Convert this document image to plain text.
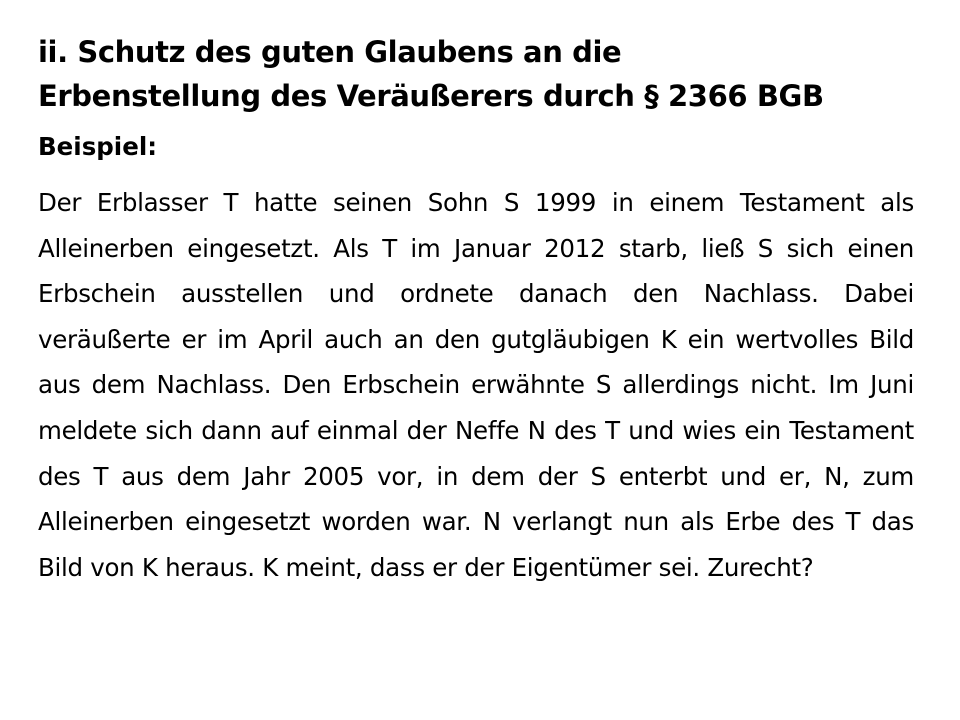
ii. Schutz des guten Glaubens an die
Erbenstellung des Veräußerers durch § 2366 BGB

Beispiel:

Der Erblasser T hatte seinen Sohn S 1999 in einem Testament als Alleinerben eingesetzt. Als T im Januar 2012 starb, ließ S sich einen Erbschein ausstellen und ordnete danach den Nachlass. Dabei veräußerte er im April auch an den gutgläubigen K ein wertvolles Bild aus dem Nachlass. Den Erbschein erwähnte S allerdings nicht. Im Juni meldete sich dann auf einmal der Neffe N des T und wies ein Testament des T aus dem Jahr 2005 vor, in dem der S enterbt und er, N, zum Alleinerben eingesetzt worden war. N verlangt nun als Erbe des T das Bild von K heraus. K meint, dass er der Eigentümer sei. Zurecht?
